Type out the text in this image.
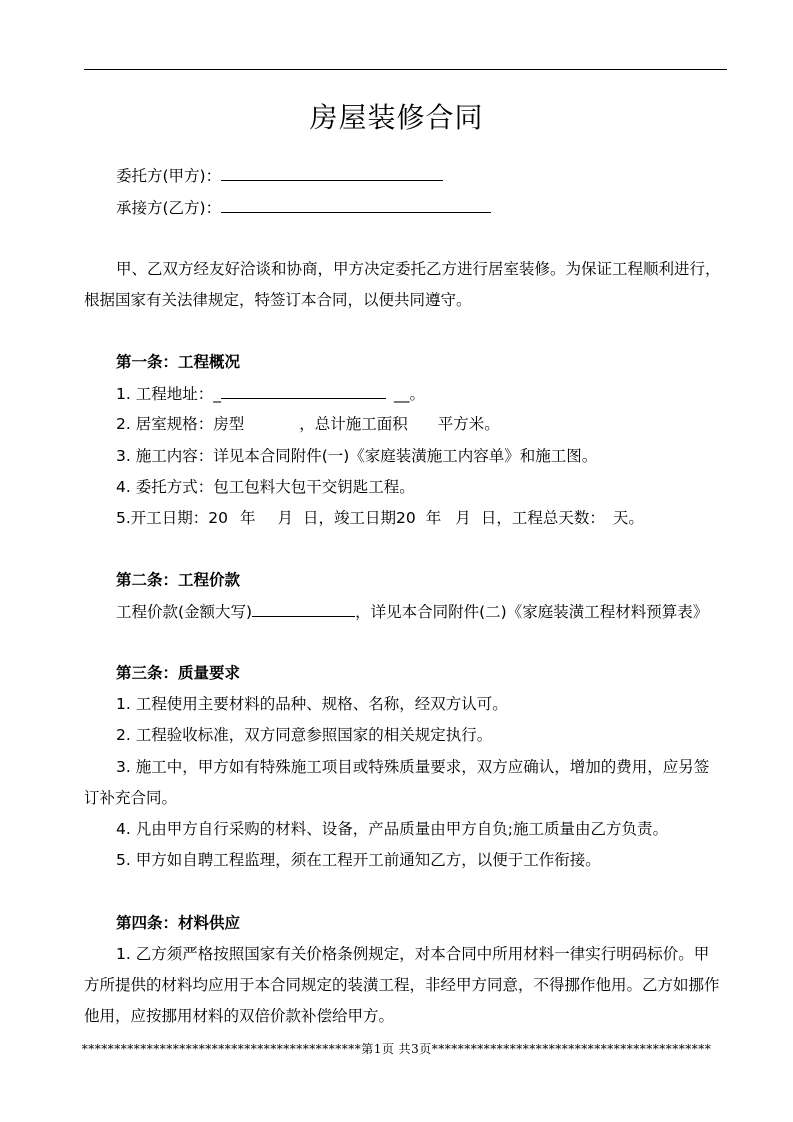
房屋装修合同
委托方(甲方)：
承接方(乙方)：
甲、乙双方经友好洽谈和协商，甲方决定委托乙方进行居室装修。为保证工程顺利进行，
根据国家有关法律规定，特签订本合同，以便共同遵守。
第一条：工程概况
1. 工程地址：_	__。
2. 居室规格：房型	，总计施工面积 平方米。
3. 施工内容：详见本合同附件(一)《家庭装潢施工内容单》和施工图。
4. 委托方式：包工包料大包干交钥匙工程。
5.开工日期：20 年 月 日，竣工日期20 年 月 日，工程总天数： 天。
第二条：工程价款
工程价款(金额大写)	，详见本合同附件(二)《家庭装潢工程材料预算表》
第三条：质量要求
1. 工程使用主要材料的品种、规格、名称，经双方认可。
2. 工程验收标准，双方同意参照国家的相关规定执行。
3. 施工中，甲方如有特殊施工项目或特殊质量要求，双方应确认，增加的费用，应另签
订补充合同。
4. 凡由甲方自行采购的材料、设备，产品质量由甲方自负;施工质量由乙方负责。
5. 甲方如自聘工程监理，须在工程开工前通知乙方，以便于工作衔接。
第四条：材料供应
1. 乙方须严格按照国家有关价格条例规定，对本合同中所用材料一律实行明码标价。甲
方所提供的材料均应用于本合同规定的装潢工程，非经甲方同意，不得挪作他用。乙方如挪作
他用，应按挪用材料的双倍价款补偿给甲方。
*******************************************第1页 共3页*******************************************
